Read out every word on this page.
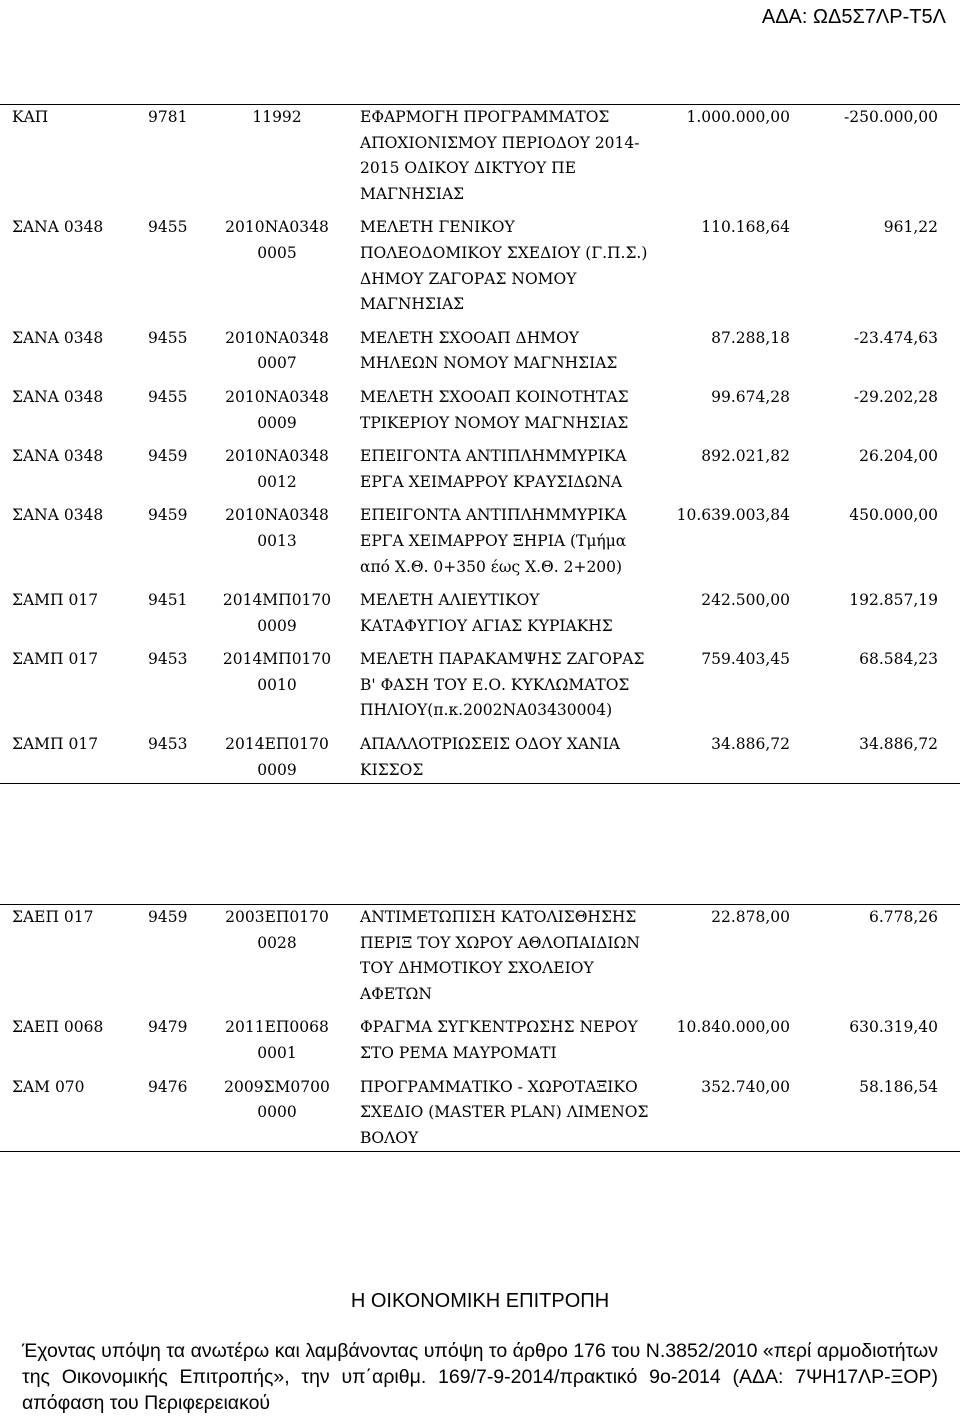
ΑΔΑ: ΩΔ5Σ7ΛΡ-Τ5Λ
ΚΑΠ	9781	11992	ΕΦΑΡΜΟΓΗ ΠΡΟΓΡΑΜΜΑΤΟΣ ΑΠΟΧΙΟΝΙΣΜΟΥ ΠΕΡΙΟΔΟΥ 2014-2015 ΟΔΙΚΟΥ ΔΙΚΤΥΟΥ ΠΕ ΜΑΓΝΗΣΙΑΣ	1.000.000,00	-250.000,00

ΣΑΝΑ 0348	9455	2010ΝΑ0348 0005	ΜΕΛΕΤΗ ΓΕΝΙΚΟΥ ΠΟΛΕΟΔΟΜΙΚΟΥ ΣΧΕΔΙΟΥ (Γ.Π.Σ.) ΔΗΜΟΥ ΖΑΓΟΡΑΣ ΝΟΜΟΥ ΜΑΓΝΗΣΙΑΣ	110.168,64	961,22

ΣΑΝΑ 0348	9455	2010ΝΑ0348 0007	ΜΕΛΕΤΗ ΣΧΟΟΑΠ ΔΗΜΟΥ ΜΗΛΕΩΝ ΝΟΜΟΥ ΜΑΓΝΗΣΙΑΣ	87.288,18	-23.474,63

ΣΑΝΑ 0348	9455	2010ΝΑ0348 0009	ΜΕΛΕΤΗ ΣΧΟΟΑΠ ΚΟΙΝΟΤΗΤΑΣ ΤΡΙΚΕΡΙΟΥ ΝΟΜΟΥ ΜΑΓΝΗΣΙΑΣ	99.674,28	-29.202,28

ΣΑΝΑ 0348	9459	2010ΝΑ0348 0012	ΕΠΕΙΓΟΝΤΑ ΑΝΤΙΠΛΗΜΜΥΡΙΚΑ ΕΡΓΑ ΧΕΙΜΑΡΡΟΥ ΚΡΑΥΣΙΔΩΝΑ	892.021,82	26.204,00

ΣΑΝΑ 0348	9459	2010ΝΑ0348 0013	ΕΠΕΙΓΟΝΤΑ ΑΝΤΙΠΛΗΜΜΥΡΙΚΑ ΕΡΓΑ ΧΕΙΜΑΡΡΟΥ ΞΗΡΙΑ (Τμήμα από Χ.Θ. 0+350 έως Χ.Θ. 2+200)	10.639.003,84	450.000,00

ΣΑΜΠ 017	9451	2014ΜΠ0170 0009	ΜΕΛΕΤΗ ΑΛΙΕΥΤΙΚΟΥ ΚΑΤΑΦΥΓΙΟΥ ΑΓΙΑΣ ΚΥΡΙΑΚΗΣ	242.500,00	192.857,19

ΣΑΜΠ 017	9453	2014ΜΠ0170 0010	ΜΕΛΕΤΗ ΠΑΡΑΚΑΜΨΗΣ ΖΑΓΟΡΑΣ Β' ΦΑΣΗ ΤΟΥ Ε.Ο. ΚΥΚΛΩΜΑΤΟΣ ΠΗΛΙΟΥ(π.κ.2002ΝΑ03430004)	759.403,45	68.584,23

ΣΑΜΠ 017	9453	2014ΕΠ0170 0009	ΑΠΑΛΛΟΤΡΙΩΣΕΙΣ ΟΔΟΥ ΧΑΝΙΑ ΚΙΣΣΟΣ	34.886,72	34.886,72
ΣΑΕΠ 017	9459	2003ΕΠ0170 0028	ΑΝΤΙΜΕΤΩΠΙΣΗ ΚΑΤΟΛΙΣΘΗΣΗΣ ΠΕΡΙΞ ΤΟΥ ΧΩΡΟΥ ΑΘΛΟΠΑΙΔΙΩΝ ΤΟΥ ΔΗΜΟΤΙΚΟΥ ΣΧΟΛΕΙΟΥ ΑΦΕΤΩΝ	22.878,00	6.778,26

ΣΑΕΠ 0068	9479	2011ΕΠ0068 0001	ΦΡΑΓΜΑ ΣΥΓΚΕΝΤΡΩΣΗΣ ΝΕΡΟΥ ΣΤΟ ΡΕΜΑ ΜΑΥΡΟΜΑΤΙ	10.840.000,00	630.319,40

ΣΑΜ 070	9476	2009ΣΜ0700 0000	ΠΡΟΓΡΑΜΜΑΤΙΚΟ - ΧΩΡΟΤΑΞΙΚΟ ΣΧΕΔΙΟ (MASTER PLAN) ΛΙΜΕΝΟΣ ΒΟΛΟΥ	352.740,00	58.186,54
Η ΟΙΚΟΝΟΜΙΚΗ ΕΠΙΤΡΟΠΗ
Έχοντας υπόψη τα ανωτέρω και λαμβάνοντας υπόψη το άρθρο 176 του Ν.3852/2010 «περί αρμοδιοτήτων της Οικονομικής Επιτροπής», την υπ΄αριθμ. 169/7-9-2014/πρακτικό 9ο-2014 (ΑΔΑ: 7ΨΗ17ΛΡ-ΞΟΡ) απόφαση του Περιφερειακού
